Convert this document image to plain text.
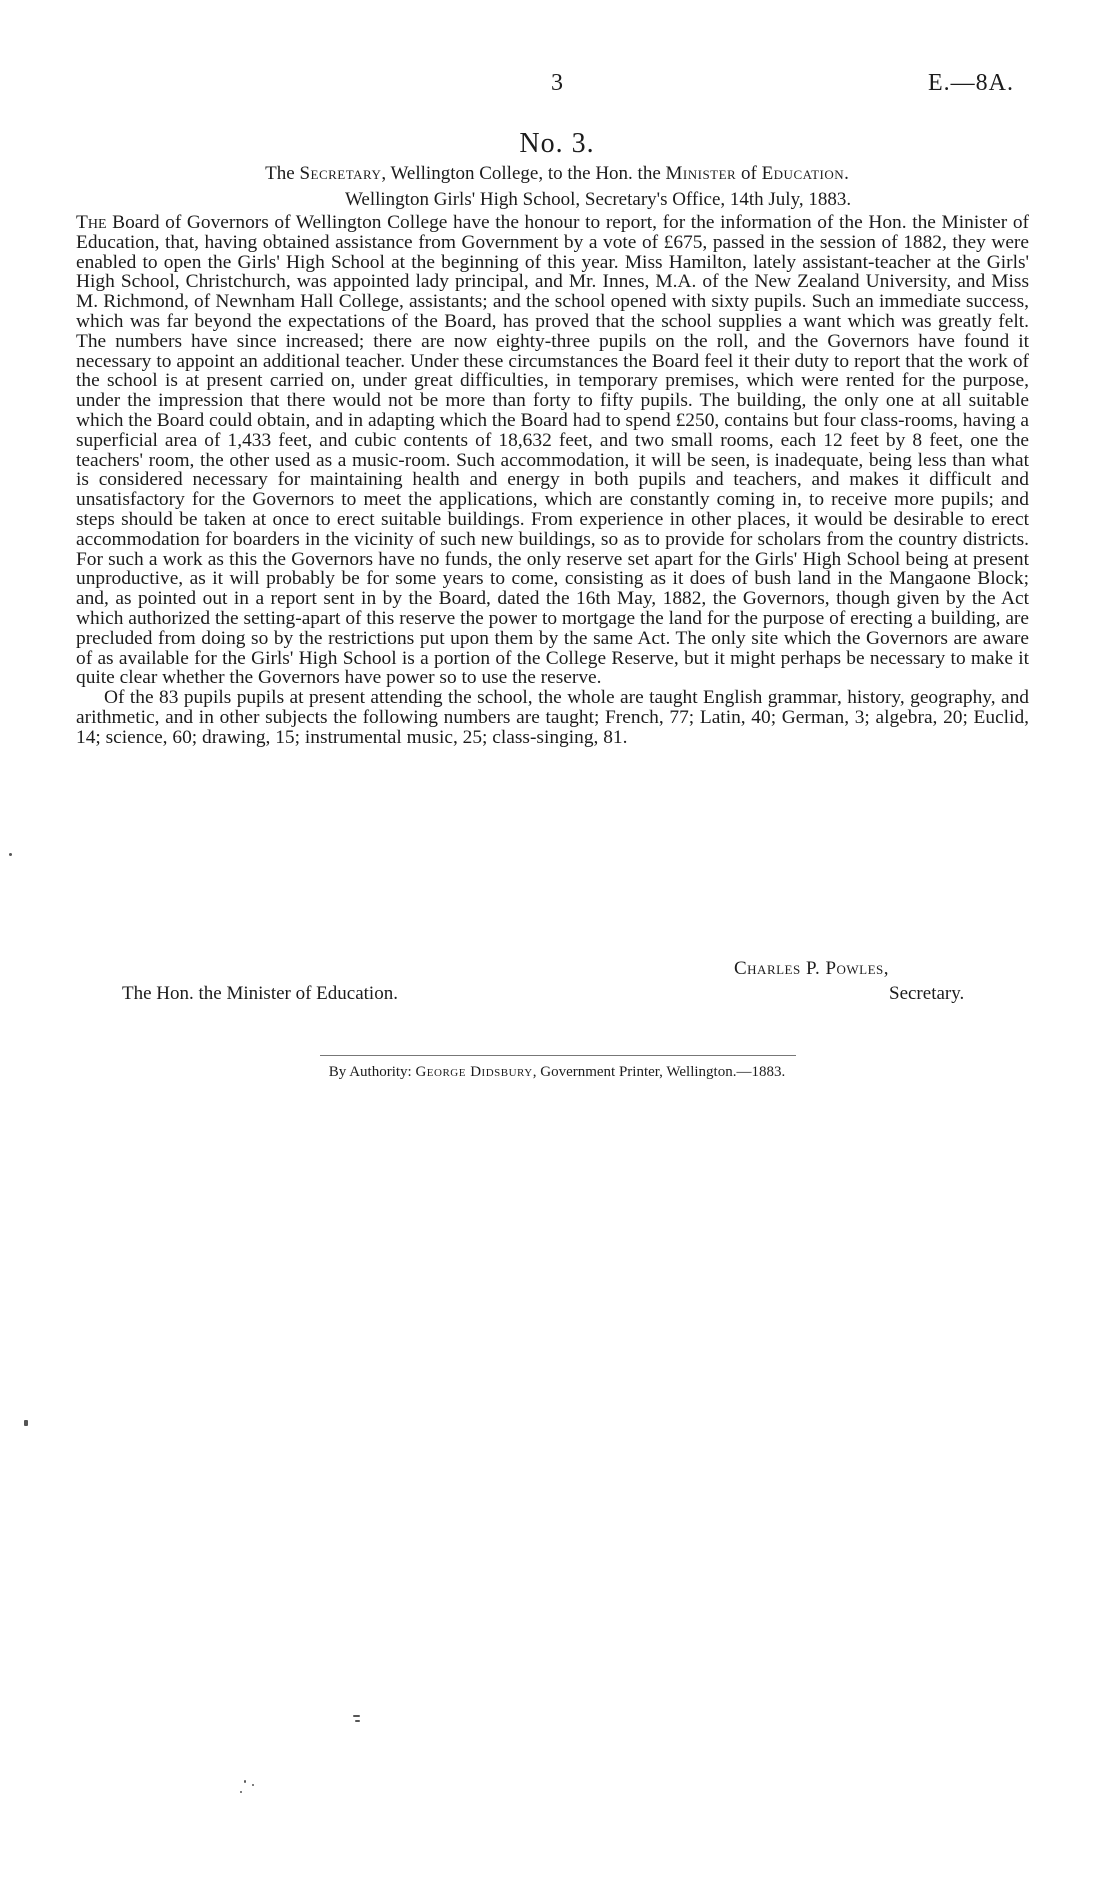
3	E.—8A.
No. 3.
The Secretary, Wellington College, to the Hon. the Minister of Education.
Wellington Girls' High School, Secretary's Office, 14th July, 1883.

The Board of Governors of Wellington College have the honour to report, for the information of the Hon. the Minister of Education, that, having obtained assistance from Government by a vote of £675, passed in the session of 1882, they were enabled to open the Girls' High School at the beginning of this year. Miss Hamilton, lately assistant-teacher at the Girls' High School, Christchurch, was appointed lady principal, and Mr. Innes, M.A. of the New Zealand University, and Miss M. Richmond, of Newnham Hall College, assistants; and the school opened with sixty pupils. Such an immediate success, which was far beyond the expectations of the Board, has proved that the school supplies a want which was greatly felt. The numbers have since increased; there are now eighty-three pupils on the roll, and the Governors have found it necessary to appoint an additional teacher. Under these circumstances the Board feel it their duty to report that the work of the school is at present carried on, under great difficulties, in temporary premises, which were rented for the purpose, under the impression that there would not be more than forty to fifty pupils. The building, the only one at all suitable which the Board could obtain, and in adapting which the Board had to spend £250, contains but four class-rooms, having a superficial area of 1,433 feet, and cubic contents of 18,632 feet, and two small rooms, each 12 feet by 8 feet, one the teachers' room, the other used as a music-room. Such accommodation, it will be seen, is inadequate, being less than what is considered necessary for maintaining health and energy in both pupils and teachers, and makes it difficult and unsatisfactory for the Governors to meet the applications, which are constantly coming in, to receive more pupils; and steps should be taken at once to erect suitable buildings. From experience in other places, it would be desirable to erect accommodation for boarders in the vicinity of such new buildings, so as to provide for scholars from the country districts. For such a work as this the Governors have no funds, the only reserve set apart for the Girls' High School being at present unproductive, as it will probably be for some years to come, consisting as it does of bush land in the Mangaone Block; and, as pointed out in a report sent in by the Board, dated the 16th May, 1882, the Governors, though given by the Act which authorized the setting-apart of this reserve the power to mortgage the land for the purpose of erecting a building, are precluded from doing so by the restrictions put upon them by the same Act. The only site which the Governors are aware of as available for the Girls' High School is a portion of the College Reserve, but it might perhaps be necessary to make it quite clear whether the Governors have power so to use the reserve.

Of the 83 pupils pupils at present attending the school, the whole are taught English grammar, history, geography, and arithmetic, and in other subjects the following numbers are taught; French, 77; Latin, 40; German, 3; algebra, 20; Euclid, 14; science, 60; drawing, 15; instrumental music, 25; class-singing, 81.

Charles P. Powles,
The Hon. the Minister of Education.	Secretary.
By Authority: George Didsbury, Government Printer, Wellington.—1883.
